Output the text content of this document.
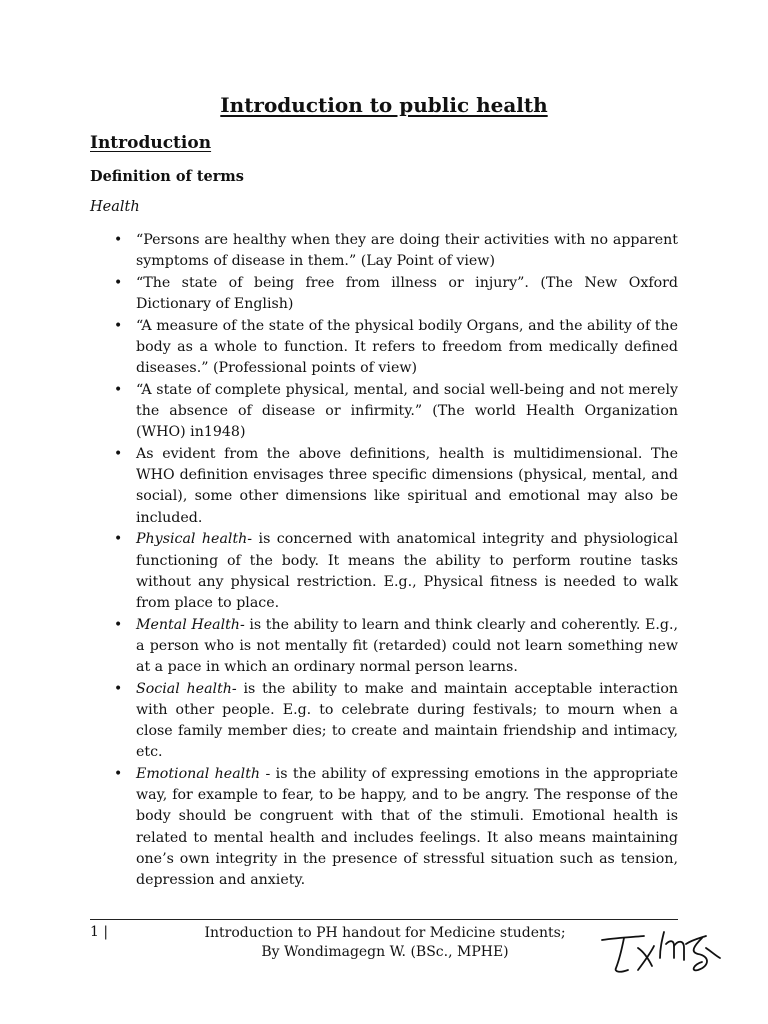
Introduction to public health
Introduction
Definition of terms
Health
• “Persons are healthy when they are doing their activities with no apparent symptoms of disease in them.” (Lay Point of view)
• “The state of being free from illness or injury”. (The New Oxford Dictionary of English)
• “A measure of the state of the physical bodily Organs, and the ability of the body as a whole to function. It refers to freedom from medically defined diseases.” (Professional points of view)
• “A state of complete physical, mental, and social well-being and not merely the absence of disease or infirmity.” (The world Health Organization (WHO) in1948)
• As evident from the above definitions, health is multidimensional. The WHO definition envisages three specific dimensions (physical, mental, and social), some other dimensions like spiritual and emotional may also be included.
• Physical health- is concerned with anatomical integrity and physiological functioning of the body. It means the ability to perform routine tasks without any physical restriction. E.g., Physical fitness is needed to walk from place to place.
• Mental Health- is the ability to learn and think clearly and coherently. E.g., a person who is not mentally fit (retarded) could not learn something new at a pace in which an ordinary normal person learns.
• Social health- is the ability to make and maintain acceptable interaction with other people. E.g. to celebrate during festivals; to mourn when a close family member dies; to create and maintain friendship and intimacy, etc.
• Emotional health - is the ability of expressing emotions in the appropriate way, for example to fear, to be happy, and to be angry. The response of the body should be congruent with that of the stimuli. Emotional health is related to mental health and includes feelings. It also means maintaining one’s own integrity in the presence of stressful situation such as tension, depression and anxiety.
1 |	Introduction to PH handout for Medicine students;
By Wondimagegn W. (BSc., MPHE)
